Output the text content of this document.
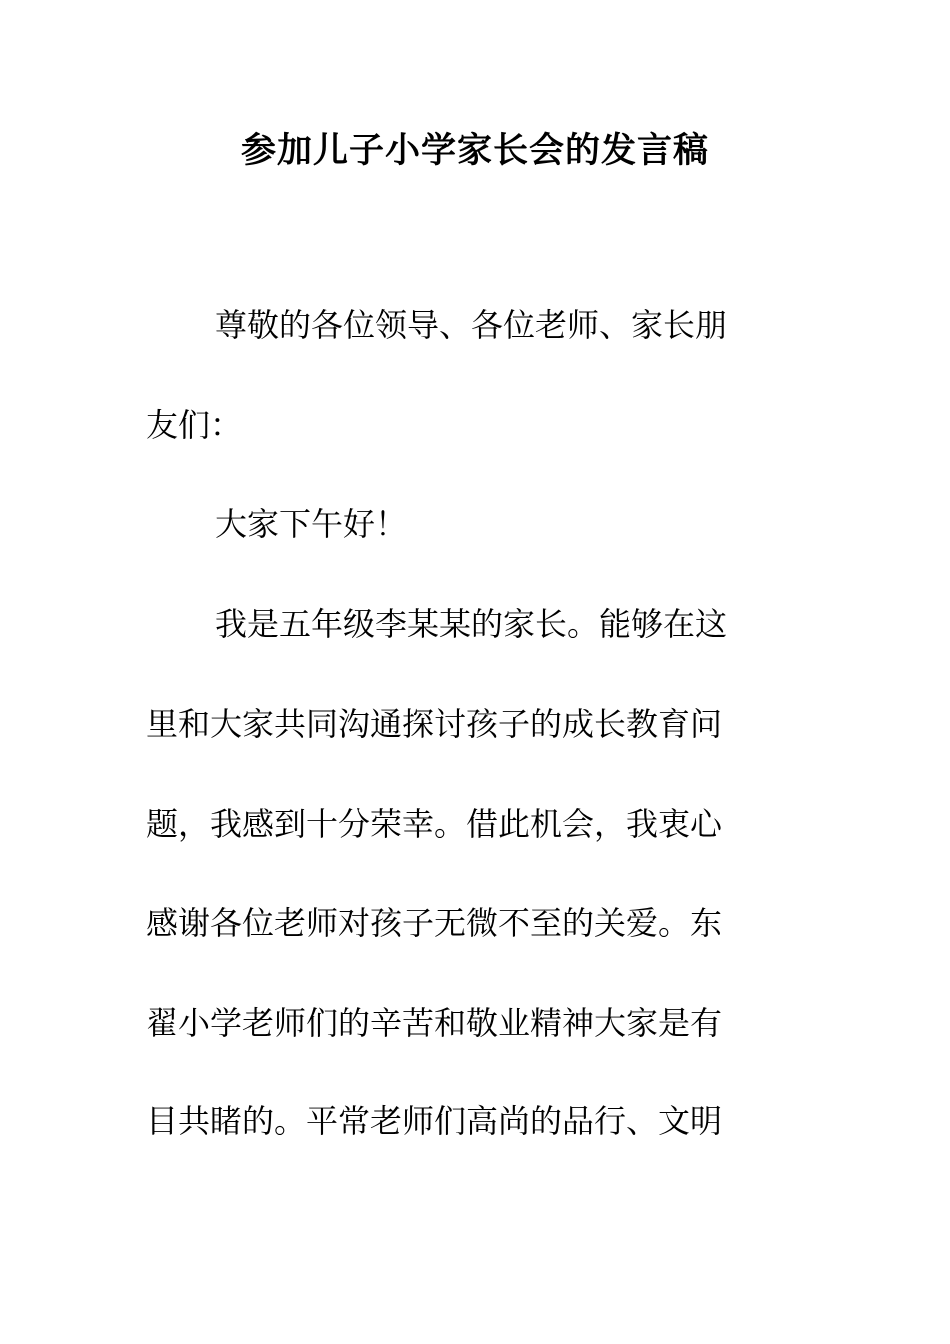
参加儿子小学家长会的发言稿

尊敬的各位领导、各位老师、家长朋

友们：

大家下午好！

我是五年级李某某的家长。能够在这

里和大家共同沟通探讨孩子的成长教育问

题，我感到十分荣幸。借此机会，我衷心

感谢各位老师对孩子无微不至的关爱。东

翟小学老师们的辛苦和敬业精神大家是有

目共睹的。平常老师们高尚的品行、文明
